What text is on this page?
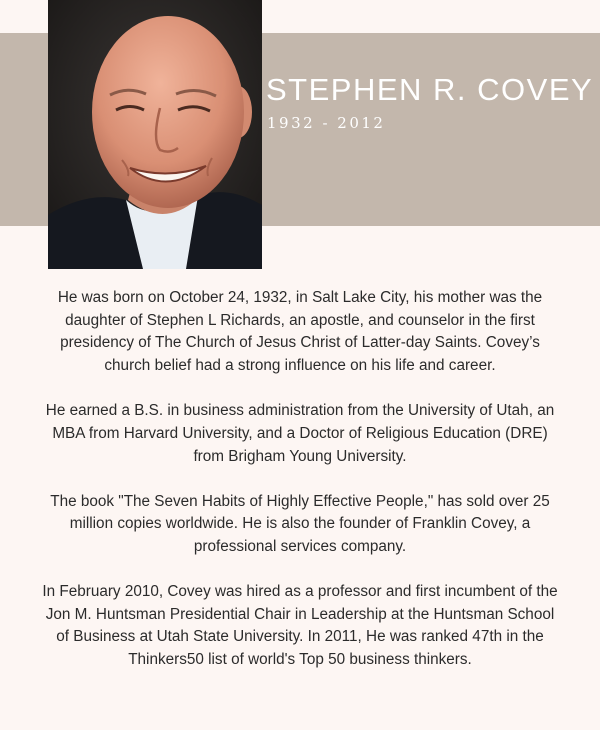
STEPHEN R. COVEY
1932 - 2012

He was born on October 24, 1932, in Salt Lake City, his mother was the daughter of Stephen L Richards, an apostle, and counselor in the first presidency of The Church of Jesus Christ of Latter-day Saints. Covey’s church belief had a strong influence on his life and career.

He earned a B.S. in business administration from the University of Utah, an MBA from Harvard University, and a Doctor of Religious Education (DRE) from Brigham Young University.

The book "The Seven Habits of Highly Effective People," has sold over 25 million copies worldwide. He is also the founder of Franklin Covey, a professional services company.

In February 2010, Covey was hired as a professor and first incumbent of the Jon M. Huntsman Presidential Chair in Leadership at the Huntsman School of Business at Utah State University. In 2011, He was ranked 47th in the Thinkers50 list of world's Top 50 business thinkers.
